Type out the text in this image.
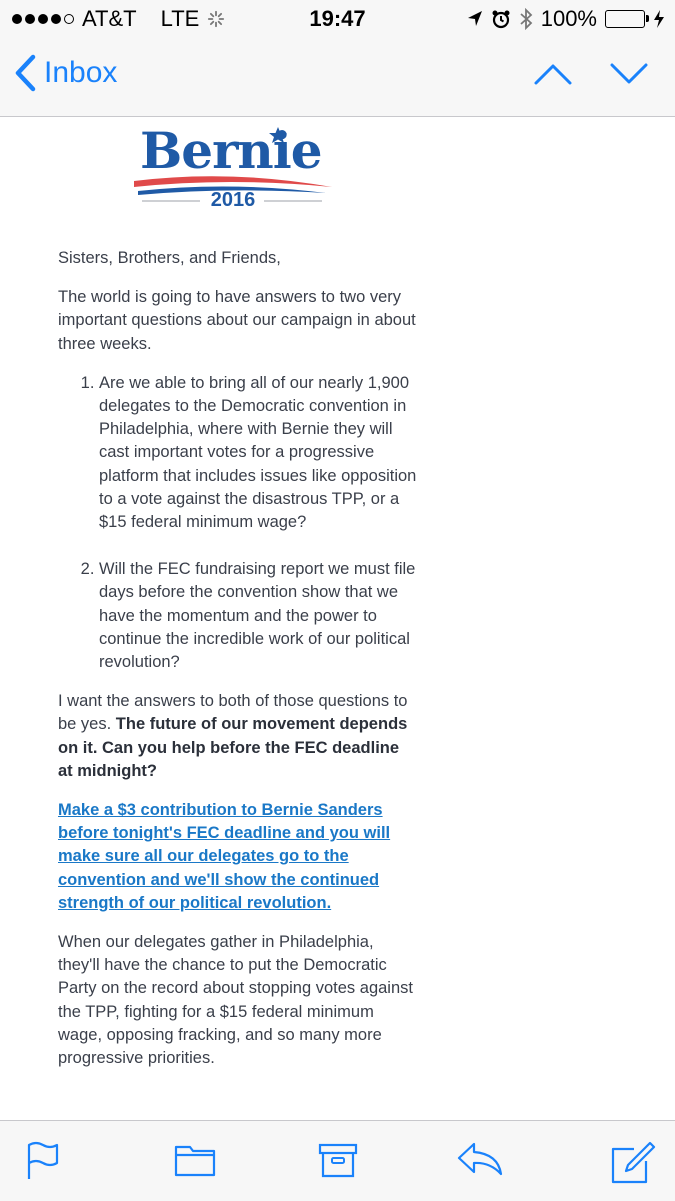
AT&T LTE	19:47	100%
Inbox
Bernie
2016

Sisters, Brothers, and Friends,

The world is going to have answers to two very important questions about our campaign in about three weeks.

1. Are we able to bring all of our nearly 1,900 delegates to the Democratic convention in Philadelphia, where with Bernie they will cast important votes for a progressive platform that includes issues like opposition to a vote against the disastrous TPP, or a $15 federal minimum wage?
2. Will the FEC fundraising report we must file days before the convention show that we have the momentum and the power to continue the incredible work of our political revolution?

I want the answers to both of those questions to be yes. The future of our movement depends on it. Can you help before the FEC deadline at midnight?

Make a $3 contribution to Bernie Sanders before tonight's FEC deadline and you will make sure all our delegates go to the convention and we'll show the continued strength of our political revolution.

When our delegates gather in Philadelphia, they'll have the chance to put the Democratic Party on the record about stopping votes against the TPP, fighting for a $15 federal minimum wage, opposing fracking, and so many more progressive priorities.
